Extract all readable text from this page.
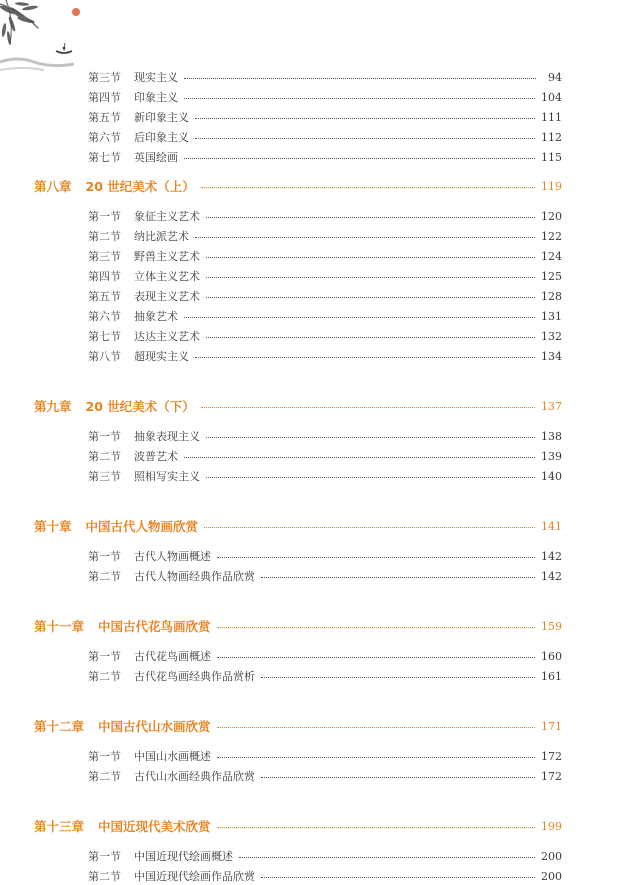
第三节	现实主义	94
第四节	印象主义	104
第五节	新印象主义	111
第六节	后印象主义	112
第七节	英国绘画	115
第八章 20 世纪美术（上）	119
第一节	象征主义艺术	120
第二节	纳比派艺术	122
第三节	野兽主义艺术	124
第四节	立体主义艺术	125
第五节	表现主义艺术	128
第六节	抽象艺术	131
第七节	达达主义艺术	132
第八节	超现实主义	134
第九章 20 世纪美术（下）	137
第一节	抽象表现主义	138
第二节	波普艺术	139
第三节	照相写实主义	140
第十章 中国古代人物画欣赏	141
第一节	古代人物画概述	142
第二节	古代人物画经典作品欣赏	142
第十一章 中国古代花鸟画欣赏	159
第一节	古代花鸟画概述	160
第二节	古代花鸟画经典作品赏析	161
第十二章 中国古代山水画欣赏	171
第一节	中国山水画概述	172
第二节	古代山水画经典作品欣赏	172
第十三章 中国近现代美术欣赏	199
第一节	中国近现代绘画概述	200
第二节	中国近现代绘画作品欣赏	200
